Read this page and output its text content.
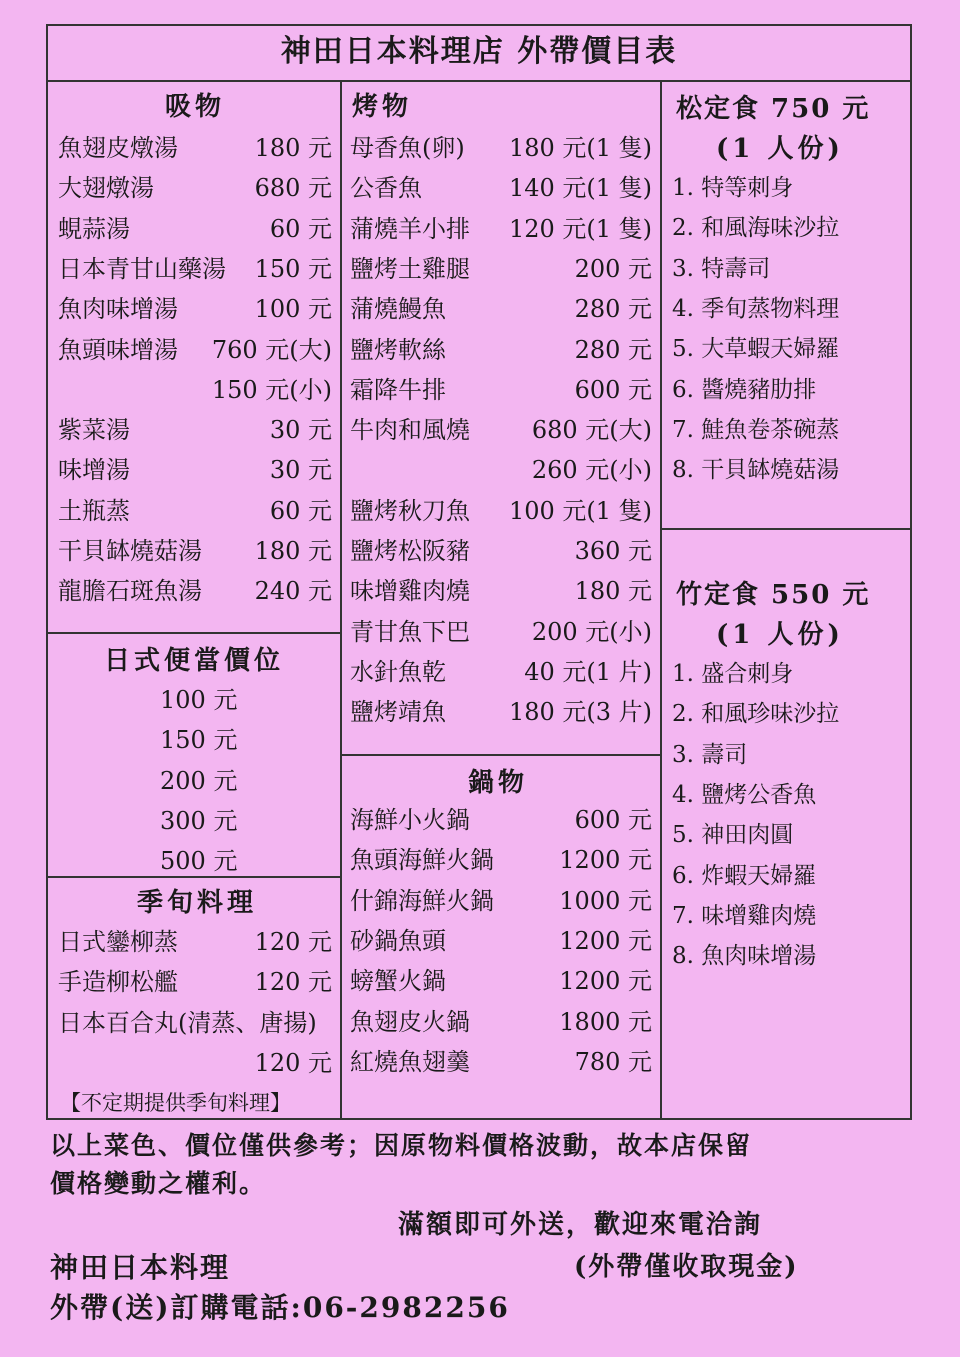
神田日本料理店 外帶價目表
吸物
魚翅皮燉湯	180 元
大翅燉湯	680 元
蜆蒜湯	60 元
日本青甘山藥湯 150 元
魚肉味增湯	100 元
魚頭味增湯 760 元(大)
150 元(小)
紫菜湯	30 元
味增湯	30 元
土瓶蒸	60 元
干貝缽燒菇湯 180 元
龍膽石斑魚湯 240 元
日式便當價位
100 元
150 元
200 元
300 元
500 元
季旬料理
日式鑾柳蒸	120 元
手造柳松艦	120 元
日本百合丸(清蒸、唐揚)
120 元
【不定期提供季旬料理】
烤物
母香魚(卵) 180 元(1 隻)
公香魚	140 元(1 隻)
蒲燒羊小排 120 元(1 隻)
鹽烤土雞腿	200 元
蒲燒鰻魚	280 元
鹽烤軟絲	280 元
霜降牛排	600 元
牛肉和風燒	680 元(大)
260 元(小)
鹽烤秋刀魚 100 元(1 隻)
鹽烤松阪豬	360 元
味增雞肉燒	180 元
青甘魚下巴	200 元(小)
水針魚乾	40 元(1 片)
鹽烤靖魚	180 元(3 片)
鍋物
海鮮小火鍋	600 元
魚頭海鮮火鍋	1200 元
什錦海鮮火鍋	1000 元
砂鍋魚頭	1200 元
螃蟹火鍋	1200 元
魚翅皮火鍋	1800 元
紅燒魚翅羹	780 元
松定食 750 元
(1 人份)
1. 特等刺身
2. 和風海味沙拉
3. 特壽司
4. 季旬蒸物料理
5. 大草蝦天婦羅
6. 醬燒豬肋排
7. 鮭魚卷茶碗蒸
8. 干貝缽燒菇湯
竹定食 550 元
(1 人份)
1. 盛合刺身
2. 和風珍味沙拉
3. 壽司
4. 鹽烤公香魚
5. 神田肉圓
6. 炸蝦天婦羅
7. 味增雞肉燒
8. 魚肉味增湯
以上菜色、價位僅供參考；因原物料價格波動，故本店保留
價格變動之權利。
滿額即可外送，歡迎來電洽詢
(外帶僅收取現金)
神田日本料理
外帶(送)訂購電話:06-2982256
